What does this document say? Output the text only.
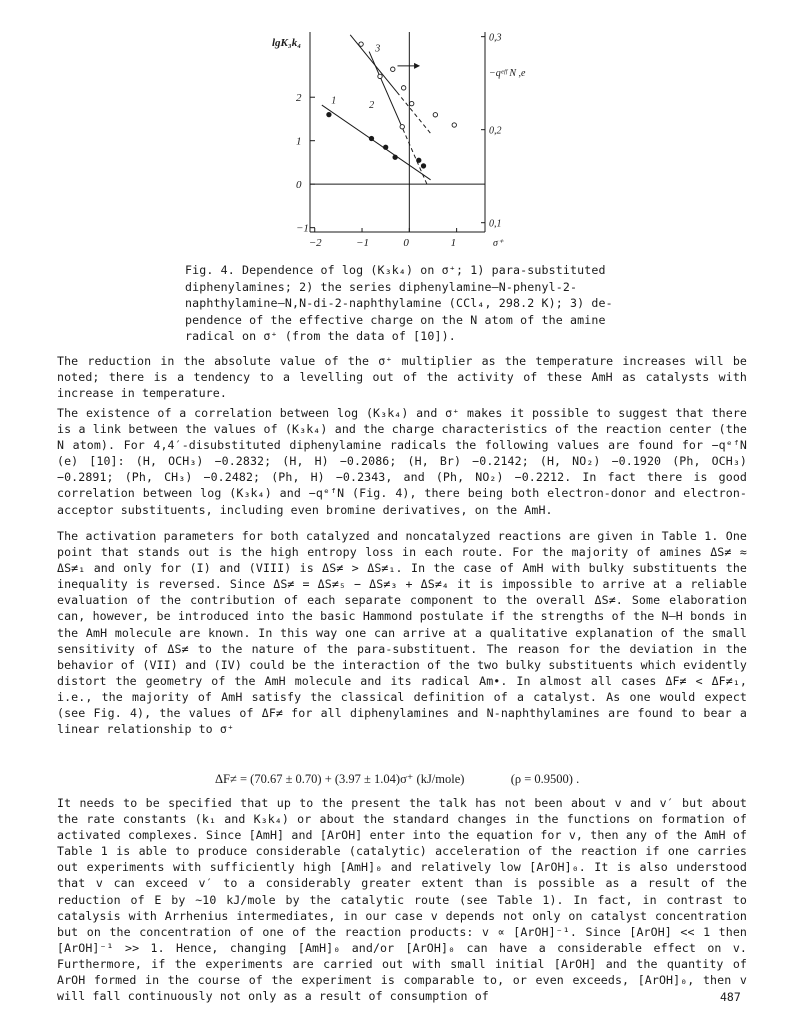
2
1
0
−1
0,3
0,2
0,1
−2	−1	0	1
lgK₃k₄
−qᵉᶠᶠ N ,e
σ⁺
1	2
3
Fig. 4. Dependence of log (K₃k₄) on σ⁺; 1) para-substituted
diphenylamines; 2) the series diphenylamine—N-phenyl-2-
naphthylamine—N,N-di-2-naphthylamine (CCl₄, 298.2 K); 3) de-
pendence of the effective charge on the N atom of the amine
radical on σ⁺ (from the data of [10]).
The reduction in the absolute value of the σ⁺ multiplier as the temperature increases will be noted; there is a tendency to a levelling out of the activity of these AmH as catalysts with increase in temperature.
The existence of a correlation between log (K₃k₄) and σ⁺ makes it possible to suggest that there is a link between the values of (K₃k₄) and the charge characteristics of the reaction center (the N atom). For 4,4′-disubstituted diphenylamine radicals the following values are found for −qᵉᶠN (e) [10]: (H, OCH₃) −0.2832; (H, H) −0.2086; (H, Br) −0.2142; (H, NO₂) −0.1920 (Ph, OCH₃) −0.2891; (Ph, CH₃) −0.2482; (Ph, H) −0.2343, and (Ph, NO₂) −0.2212. In fact there is good correlation between log (K₃k₄) and −qᵉᶠN (Fig. 4), there being both electron-donor and electron-acceptor substituents, including even bromine derivatives, on the AmH.
The activation parameters for both catalyzed and noncatalyzed reactions are given in Table 1. One point that stands out is the high entropy loss in each route. For the majority of amines ΔS≠ ≈ ΔS≠₁ and only for (I) and (VIII) is ΔS≠ > ΔS≠₁. In the case of AmH with bulky substituents the inequality is reversed. Since ΔS≠ = ΔS≠₅ − ΔS≠₃ + ΔS≠₄ it is impossible to arrive at a reliable evaluation of the contribution of each separate component to the overall ΔS≠. Some elaboration can, however, be introduced into the basic Hammond postulate if the strengths of the N—H bonds in the AmH molecule are known. In this way one can arrive at a qualitative explanation of the small sensitivity of ΔS≠ to the nature of the para-substituent. The reason for the deviation in the behavior of (VII) and (IV) could be the interaction of the two bulky substituents which evidently distort the geometry of the AmH molecule and its radical Am•. In almost all cases ΔF≠ < ΔF≠₁, i.e., the majority of AmH satisfy the classical definition of a catalyst. As one would expect (see Fig. 4), the values of ΔF≠ for all diphenylamines and N-naphthylamines are found to bear a linear relationship to σ⁺
ΔF≠ = (70.67 ± 0.70) + (3.97 ± 1.04)σ⁺ (kJ/mole)	(ρ = 0.9500) .
It needs to be specified that up to the present the talk has not been about v and v′ but about the rate constants (k₁ and K₃k₄) or about the standard changes in the functions on formation of activated complexes. Since [AmH] and [ArOH] enter into the equation for v, then any of the AmH of Table 1 is able to produce considerable (catalytic) acceleration of the reaction if one carries out experiments with sufficiently high [AmH]₀ and relatively low [ArOH]₀. It is also understood that v can exceed v′ to a considerably greater extent than is possible as a result of the reduction of E by ∼10 kJ/mole by the catalytic route (see Table 1). In fact, in contrast to catalysis with Arrhenius intermediates, in our case v depends not only on catalyst concentration but on the concentration of one of the reaction products: v ∝ [ArOH]⁻¹. Since [ArOH] << 1 then [ArOH]⁻¹ >> 1. Hence, changing [AmH]₀ and/or [ArOH]₀ can have a considerable effect on v. Furthermore, if the experiments are carried out with small initial [ArOH] and the quantity of ArOH formed in the course of the experiment is comparable to, or even exceeds, [ArOH]₀, then v will fall continuously not only as a result of consumption of	487
